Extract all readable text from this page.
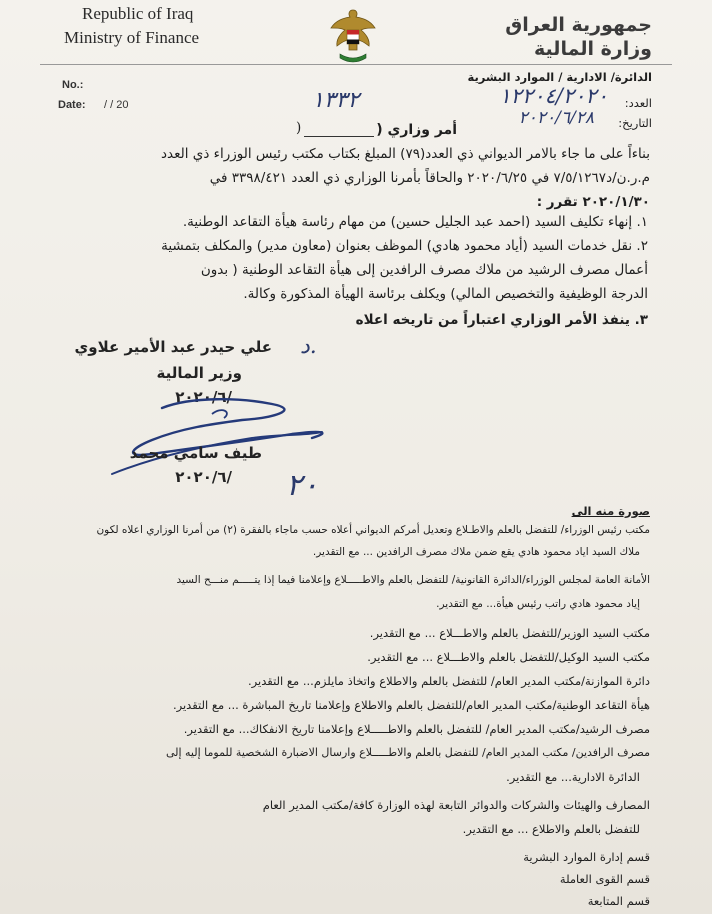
Republic of Iraq
Ministry of Finance
جمهورية العراق
وزارة المالية
الدائرة/ الادارية / الموارد البشرية
No.:
Date: / / 20	العدد:
١٢٢٠٤/٢٠٢٠
التاريخ:
٢٠٢٠/٦/٢٨
١٣٣٢
أمر وزاري (
)
بناءاً على ما جاء بالامر الديواني ذي العدد(٧٩) المبلغ بكتاب مكتب رئيس الوزراء ذي العدد
م.ر.ن/د٧/٥/١٢٦٧ في ٢٠٢٠/٦/٢٥ والحاقاً بأمرنا الوزاري ذي العدد ٣٣٩٨/٤٢١ في
٢٠٢٠/١/٣٠ تقرر :
١. إنهاء تكليف السيد (احمد عبد الجليل حسين) من مهام رئاسة هيأة التقاعد الوطنية.
٢. نقل خدمات السيد (أياد محمود هادي) الموظف بعنوان (معاون مدير) والمكلف بتمشية
أعمال مصرف الرشيد من ملاك مصرف الرافدين إلى هيأة التقاعد الوطنية ( بدون
الدرجة الوظيفية والتخصيص المالي) ويكلف برئاسة الهيأة المذكورة وكالة.
٣. ينفذ الأمر الوزاري اعتباراً من تاريخه اعلاه
د.
علي حيدر عبد الأمير علاوي
وزير المالية
٢٠٢٠/٦/
طيف سامي محمد
٢٠٢٠/٦/ ٢٠
صورة منه الى
مكتب رئيس الوزراء/ للتفضل بالعلم والاطـلاع وتعديل أمركم الديواني أعلاه حسب ماجاء بالفقرة (٢) من أمرنا الوزاري اعلاه لكون
ملاك السيد اياد محمود هادي يقع ضمن ملاك مصرف الرافدين ... مع التقدير.
الأمانة العامة لمجلس الوزراء/الدائرة القانونية/ للتفضل بالعلم والاطـــــلاع وإعلامنا فيما إذا يتـــــم منـــح السيد
إياد محمود هادي راتب رئيس هيأة... مع التقدير.
مكتب السيد الوزير/للتفضل بالعلم والاطـــلاع ... مع التقدير.
مكتب السيد الوكيل/للتفضل بالعلم والاطـــلاع ... مع التقدير.
دائرة الموازنة/مكتب المدير العام/ للتفضل بالعلم والاطلاع واتخاذ مايلزم... مع التقدير.
هيأة التقاعد الوطنية/مكتب المدير العام/للتفضل بالعلم والاطلاع وإعلامنا تاريخ المباشرة ... مع التقدير.
مصرف الرشيد/مكتب المدير العام/ للتفضل بالعلم والاطـــــلاع وإعلامنا تاريخ الانفكاك... مع التقدير.
مصرف الرافدين/ مكتب المدير العام/ للتفضل بالعلم والاطـــــلاع وارسال الاضبارة الشخصية للموما إليه إلى
الدائرة الادارية... مع التقدير.
المصارف والهيئات والشركات والدوائر التابعة لهذه الوزارة كافة/مكتب المدير العام
للتفضل بالعلم والاطلاع ... مع التقدير.
قسم إدارة الموارد البشرية
قسم القوى العاملة
قسم المتابعة
